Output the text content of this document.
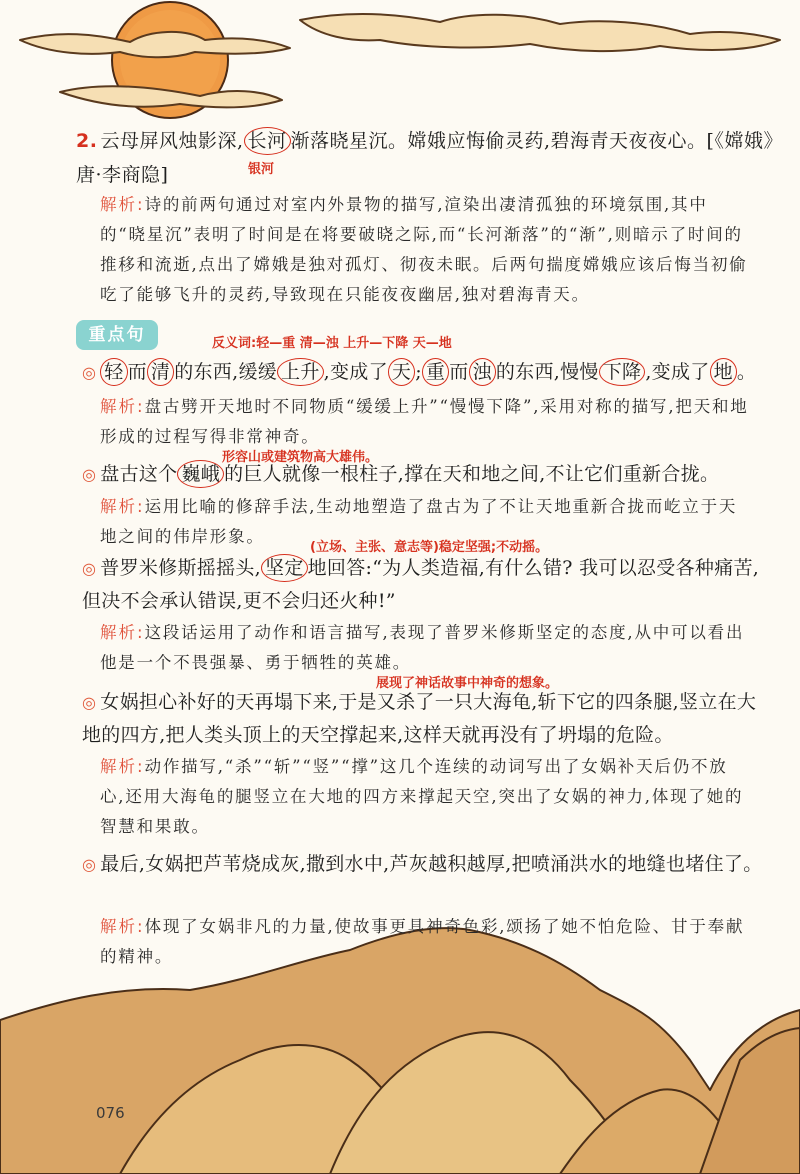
2. 云母屏风烛影深, 长河 渐落晓星沉。嫦娥应悔偷灵药,碧海青天夜夜心。[《嫦娥》唐·李商隐]	银河
解析:诗的前两句通过对室内外景物的描写,渲染出凄清孤独的环境氛围,其中的“晓星沉”表明了时间是在将要破晓之际,而“长河渐落”的“渐”,则暗示了时间的推移和流逝,点出了嫦娥是独对孤灯、彻夜未眠。后两句揣度嫦娥应该后悔当初偷吃了能够飞升的灵药,导致现在只能夜夜幽居,独对碧海青天。
重点句	反义词:轻—重 清—浊 上升—下降 天—地
◎ 轻 而 清 的东西,缓缓 上升 ,变成了 天 ; 重 而 浊 的东西,慢慢 下降 ,变成了 地 。
解析:盘古劈开天地时不同物质“缓缓上升”“慢慢下降”,采用对称的描写,把天和地形成的过程写得非常神奇。
形容山或建筑物高大雄伟。
◎ 盘古这个 巍峨 的巨人就像一根柱子,撑在天和地之间,不让它们重新合拢。
解析:运用比喻的修辞手法,生动地塑造了盘古为了不让天地重新合拢而屹立于天地之间的伟岸形象。
(立场、主张、意志等)稳定坚强;不动摇。
◎ 普罗米修斯摇摇头, 坚定 地回答:“为人类造福,有什么错? 我可以忍受各种痛苦,但决不会承认错误,更不会归还火种!”
解析:这段话运用了动作和语言描写,表现了普罗米修斯坚定的态度,从中可以看出他是一个不畏强暴、勇于牺牲的英雄。
展现了神话故事中神奇的想象。
◎ 女娲担心补好的天再塌下来,于是又杀了一只大海龟,斩下它的四条腿,竖立在大地的四方,把人类头顶上的天空撑起来,这样天就再没有了坍塌的危险。
解析:动作描写,“杀”“斩”“竖”“撑”这几个连续的动词写出了女娲补天后仍不放心,还用大海龟的腿竖立在大地的四方来撑起天空,突出了女娲的神力,体现了她的智慧和果敢。
◎ 最后,女娲把芦苇烧成灰,撒到水中,芦灰越积越厚,把喷涌洪水的地缝也堵住了。
解析:体现了女娲非凡的力量,使故事更具神奇色彩,颂扬了她不怕危险、甘于奉献的精神。
076
